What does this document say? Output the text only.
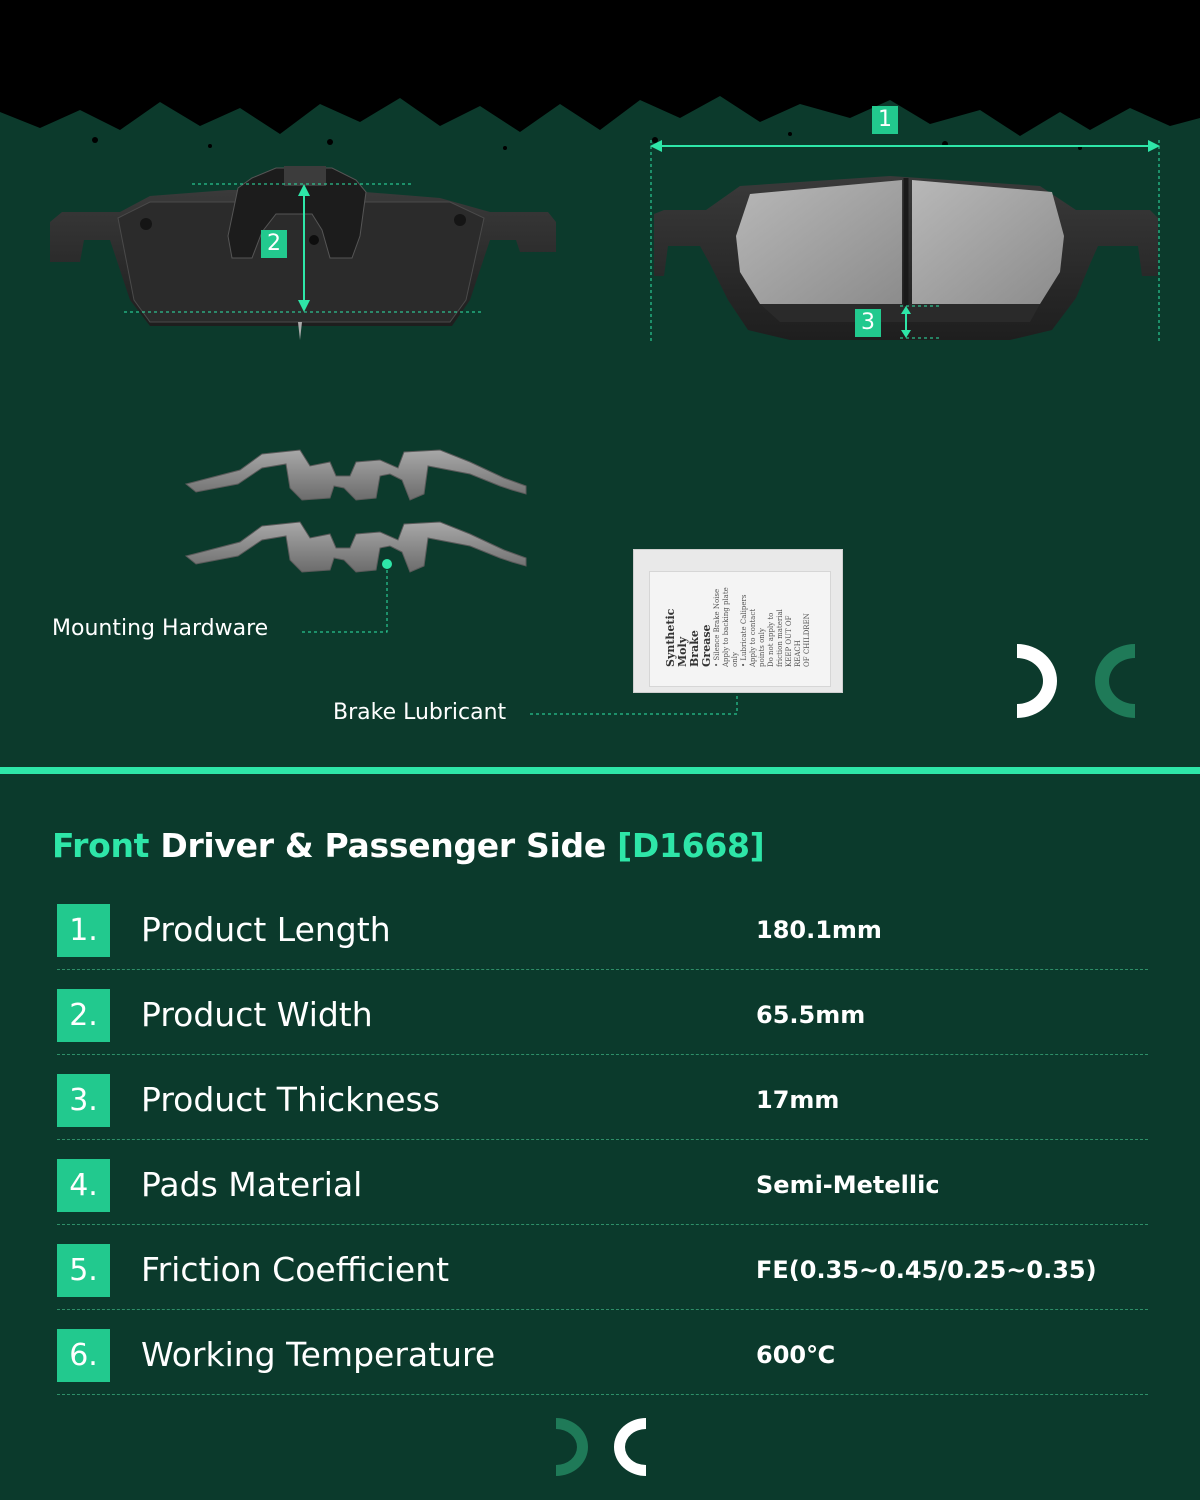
1
2
3
Mounting Hardware
Brake Lubricant
Synthetic Moly Brake Grease • Silence Brake Noise Apply to backing plate only • Lubricate Calipers Apply to contact points only Do not apply to friction material KEEP OUT OF REACH OF CHILDREN
Front Driver & Passenger Side [D1668]
1.	Product Length	180.1mm
2.	Product Width	65.5mm
3.	Product Thickness	17mm
4.	Pads Material	Semi-Metellic
5.	Friction Coefficient	FE(0.35~0.45/0.25~0.35)
6.	Working Temperature	600℃
